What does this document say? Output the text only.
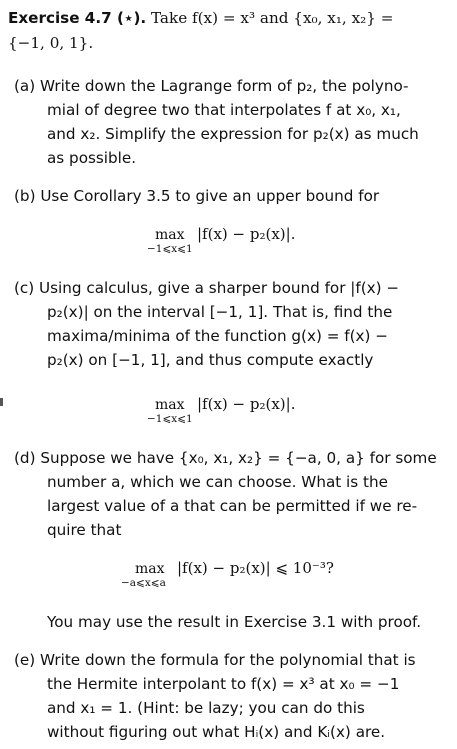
Exercise 4.7 (⋆). Take f(x) = x³ and {x₀, x₁, x₂} =
{−1, 0, 1}.
(a) Write down the Lagrange form of p₂, the polyno-
mial of degree two that interpolates f at x₀, x₁,
and x₂. Simplify the expression for p₂(x) as much
as possible.
(b) Use Corollary 3.5 to give an upper bound for
max
−1⩽x⩽1
|f(x) − p₂(x)|.
(c) Using calculus, give a sharper bound for |f(x) −
p₂(x)| on the interval [−1, 1]. That is, find the
maxima/minima of the function g(x) = f(x) −
p₂(x) on [−1, 1], and thus compute exactly
max
−1⩽x⩽1
|f(x) − p₂(x)|.
(d) Suppose we have {x₀, x₁, x₂} = {−a, 0, a} for some
number a, which we can choose. What is the
largest value of a that can be permitted if we re-
quire that
max
−a⩽x⩽a
|f(x) − p₂(x)| ⩽ 10⁻³?
You may use the result in Exercise 3.1 with proof.
(e) Write down the formula for the polynomial that is
the Hermite interpolant to f(x) = x³ at x₀ = −1
and x₁ = 1. (Hint: be lazy; you can do this
without figuring out what Hᵢ(x) and Kᵢ(x) are.
